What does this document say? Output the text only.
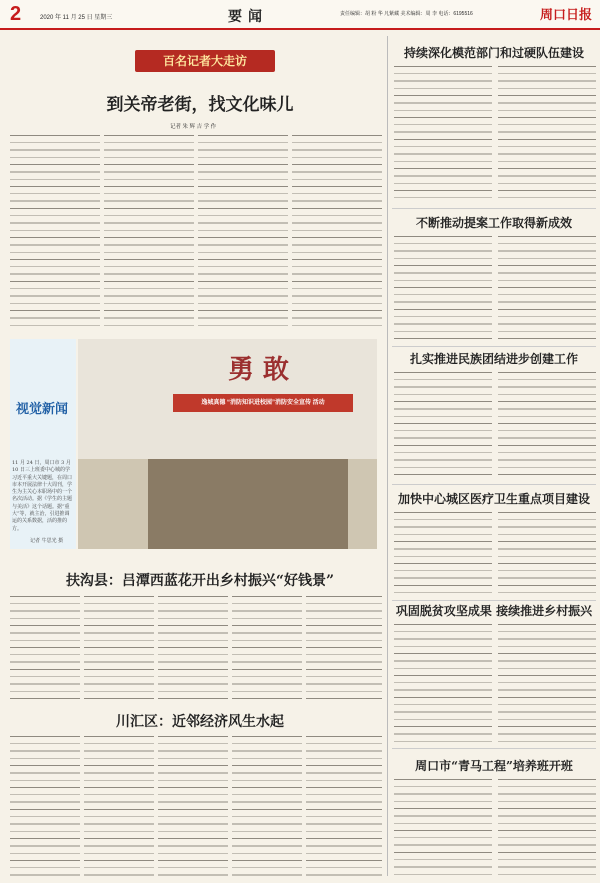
2	2020 年 11 月 25 日 星期三	要闻	责任编辑：胡 粉 华 凡紫藏 美术编辑：周 李 电话：6195516	周口日报
百名记者大走访
到关帝老街，找文化味儿
记者 朱 辉 吉 学 作
视觉新闻
11 月 24 日，周口市 3 月 10 日三上班委中心城的学习近平重大关键题，在周口市本开展法律十大周刊，学生为主关心本职场中的一个名次活动。据《学生的主题与美活》这个话题。据“重大”等，就主治，引进推调运的关系数据，活的推的方。
记者 牛思光 摄
勇 敢
逸城真德 “消防知识进校园”消防安全宣传 活动
扶沟县：吕潭西蓝花开出乡村振兴“好钱景”
川汇区：近邻经济风生水起
持续深化模范部门和过硬队伍建设
不断推动提案工作取得新成效
扎实推进民族团结进步创建工作
加快中心城区医疗卫生重点项目建设
巩固脱贫攻坚成果 接续推进乡村振兴
周口市“青马工程”培养班开班
